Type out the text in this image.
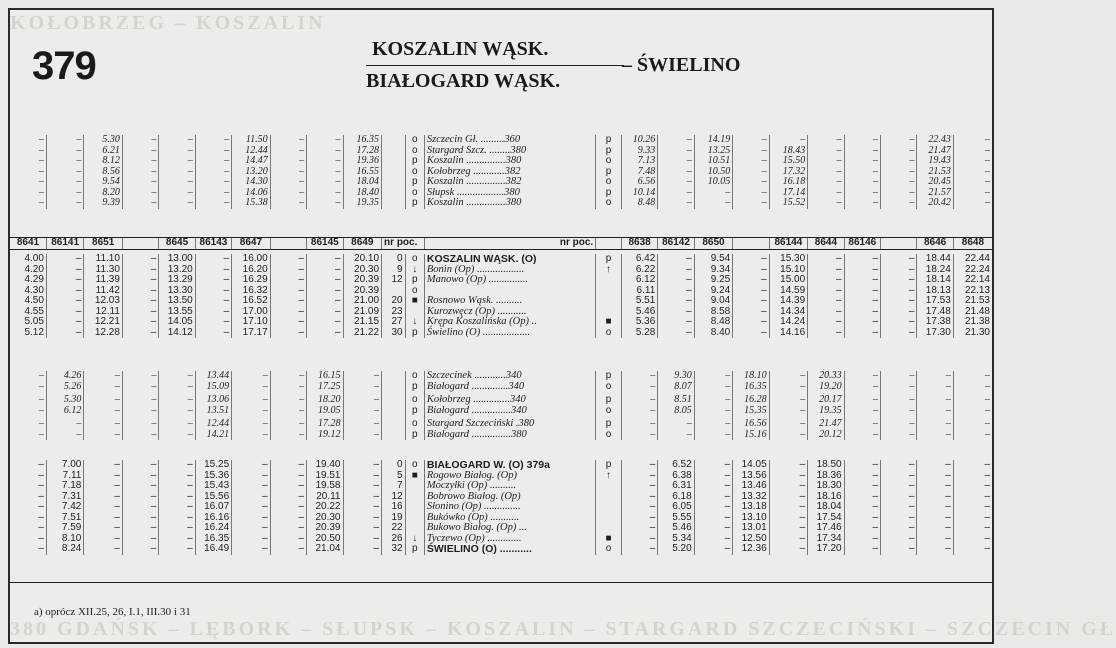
KOŁOBRZEG – KOSZALIN
380 GDAŃSK – LĘBORK – SŁUPSK – KOSZALIN – STARGARD SZCZECIŃSKI – SZCZECIN GŁ
379	KOSZALIN WĄSK.
BIAŁOGARD WĄSK.
– ŚWIELINO
–	–	5.30	–	–	–	11.50	–	–	16.35		o	Szczecin Gł. .........360	p	10.26	–	14.19	–	–	–	–	–	22.43	–
–	–	6.21	–	–	–	12.44	–	–	17.28		o	Stargard Szcz. ........380	p	9.33	–	13.25	–	18.43	–	–	–	21.47	–
–	–	8.12	–	–	–	14.47	–	–	19.36		p	Koszalin ...............380	o	7.13	–	10.51	–	15.50	–	–	–	19.43	–
–	–	8.56	–	–	–	13.20	–	–	16.55		o	Kołobrzeg ............382	p	7.48	–	10.50	–	17.32	–	–	–	21.53	–
–	–	9.54	–	–	–	14.30	–	–	18.04		p	Koszalin ...............382	o	6.56	–	10.05	–	16.18	–	–	–	20.45	–
–	–	8.20	–	–	–	14.06	–	–	18.40		o	Słupsk ..................380	p	10.14	–	–	–	17.14	–	–	–	21.57	–
–	–	9.39	–	–	–	15.38	–	–	19.35		p	Koszalin ...............380	o	8.48	–	–	–	15.52	–	–	–	20.42	–
8641	86141	8651		8645	86143	8647		86145	8649	nr poc.	nr poc.		8638	86142	8650		86144	8644	86146		8646	8648
4.00	–	11.10	–	13.00	–	16.00	–	–	20.10	0	o	KOSZALIN WĄSK. (O)	p	6.42	–	9.54	–	15.30	–	–	–	18.44	22.44
4.20	–	11.30	–	13.20	–	16.20	–	–	20.30	9	↓	Bonin (Op) ..................	↑	6.22	–	9.34	–	15.10	–	–	–	18.24	22.24
4.29	–	11.39	–	13.29	–	16.29	–	–	20.39	12	p	Manowo (Op) ...............		6.12	–	9.25	–	15.00	–	–	–	18.14	22.14
4.30	–	11.42	–	13.30	–	16.32	–	–	20.39		o			6.11	–	9.24	–	14.59	–	–	–	18.13	22.13
4.50	–	12.03	–	13.50	–	16.52	–	–	21.00	20	■	Rosnowo Wąsk. ..........		5.51	–	9.04	–	14.39	–	–	–	17.53	21.53
4.55	–	12.11	–	13.55	–	17.00	–	–	21.09	23		Kurozwęcz (Op) ...........		5.46	–	8.58	–	14.34	–	–	–	17.48	21.48
5.05	–	12.21	–	14.05	–	17.10	–	–	21.15	27	↓	Krępa Koszalińska (Op) ..	■	5.36	–	8.48	–	14.24	–	–	–	17.38	21.38
5.12	–	12.28	–	14.12	–	17.17	–	–	21.22	30	p	Świelino (O) ..................	o	5.28	–	8.40	–	14.16	–	–	–	17.30	21.30
–	4.26	–	–	–	13.44	–	–	16.15	–		o	Szczecinek ............340	p	–	9.30	–	18.10	–	20.33	–	–	–	–
–	5.26	–	–	–	15.09	–	–	17.25	–		p	Białogard ..............340	o	–	8.07	–	16.35	–	19.20	–	–	–	–
–	5.30	–	–	–	13.06	–	–	18.20	–		o	Kołobrzeg ..............340	p	–	8.51	–	16.28	–	20.17	–	–	–	–
–	6.12	–	–	–	13.51	–	–	19.05	–		p	Białogard ...............340	o	–	8.05	–	15.35	–	19.35	–	–	–	–
–	–	–	–	–	12.44	–	–	17.28	–		o	Stargard Szczeciński .380	p	–	–	–	16.56	–	21.47	–	–	–	–
–	–	–	–	–	14.21	–	–	19.12	–		p	Białogard ...............380	o	–	–	–	15.16	–	20.12	–	–	–	–
–	7.00	–	–	–	15.25	–	–	19.40	–	0	o	BIAŁOGARD W. (O) 379a	p	–	6.52	–	14.05	–	18.50	–	–	–	–
–	7.11	–	–	–	15.36	–	–	19.51	–	5	■	Rogowo Białog. (Op)	↑	–	6.38	–	13.56	–	18.36	–	–	–	–
–	7.18	–	–	–	15.43	–	–	19.58	–	7		Moczyłki (Op) ..........		–	6.31	–	13.46	–	18.30	–	–	–	–
–	7.31	–	–	–	15.56	–	–	20.11	–	12		Bobrowo Białog. (Op)		–	6.18	–	13.32	–	18.16	–	–	–	–
–	7.42	–	–	–	16.07	–	–	20.22	–	16		Słonino (Op) ..............		–	6.05	–	13.18	–	18.04	–	–	–	–
–	7.51	–	–	–	16.16	–	–	20.30	–	19		Bukówko (Op) ...........		–	5.55	–	13.10	–	17.54	–	–	–	–
–	7.59	–	–	–	16.24	–	–	20.39	–	22		Bukowo Białog. (Op) ...		–	5.46	–	13.01	–	17.46	–	–	–	–
–	8.10	–	–	–	16.35	–	–	20.50	–	26	↓	Tyczewo (Op) .............	■	–	5.34	–	12.50	–	17.34	–	–	–	–
–	8.24	–	–	–	16.49	–	–	21.04	–	32	p	ŚWIELINO (O) ...........	o	–	5.20	–	12.36	–	17.20	–	–	–	–
a) oprócz XII.25, 26, I.1, III.30 i 31
